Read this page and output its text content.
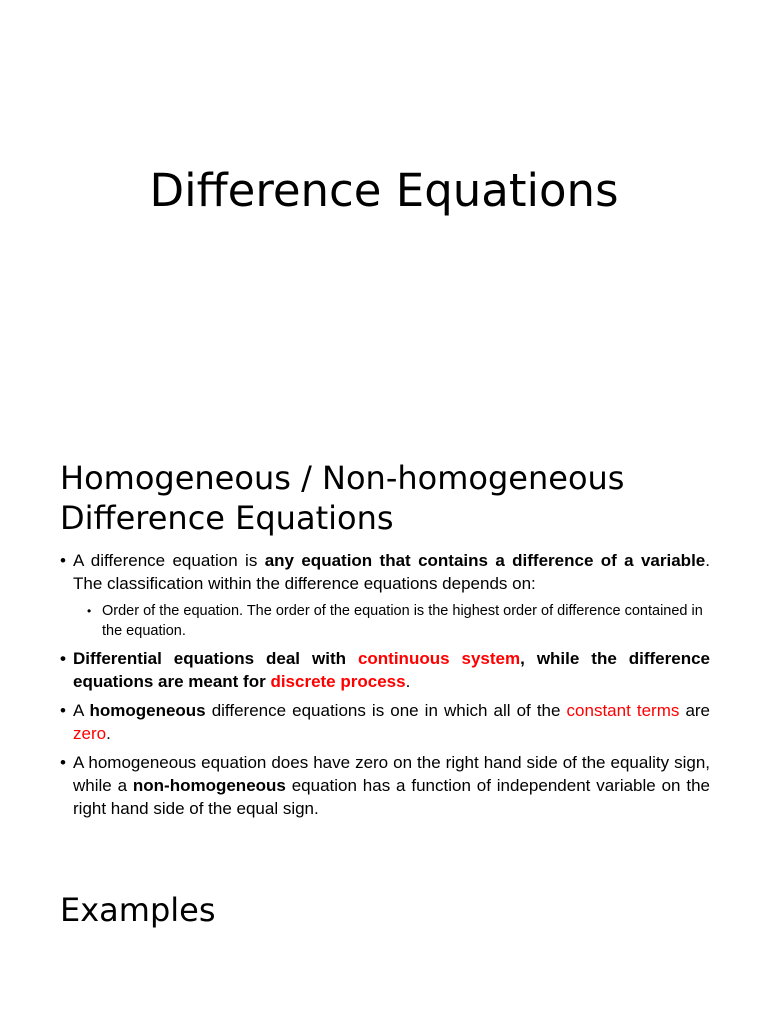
Difference Equations
Homogeneous / Non-homogeneous
Difference Equations
• A difference equation is any equation that contains a difference of a variable. The classification within the difference equations depends on:
• Order of the equation. The order of the equation is the highest order of difference contained in the equation.
• Differential equations deal with continuous system, while the difference equations are meant for discrete process.
• A homogeneous difference equations is one in which all of the constant terms are zero.
• A homogeneous equation does have zero on the right hand side of the equality sign, while a non-homogeneous equation has a function of independent variable on the right hand side of the equal sign.
Examples
